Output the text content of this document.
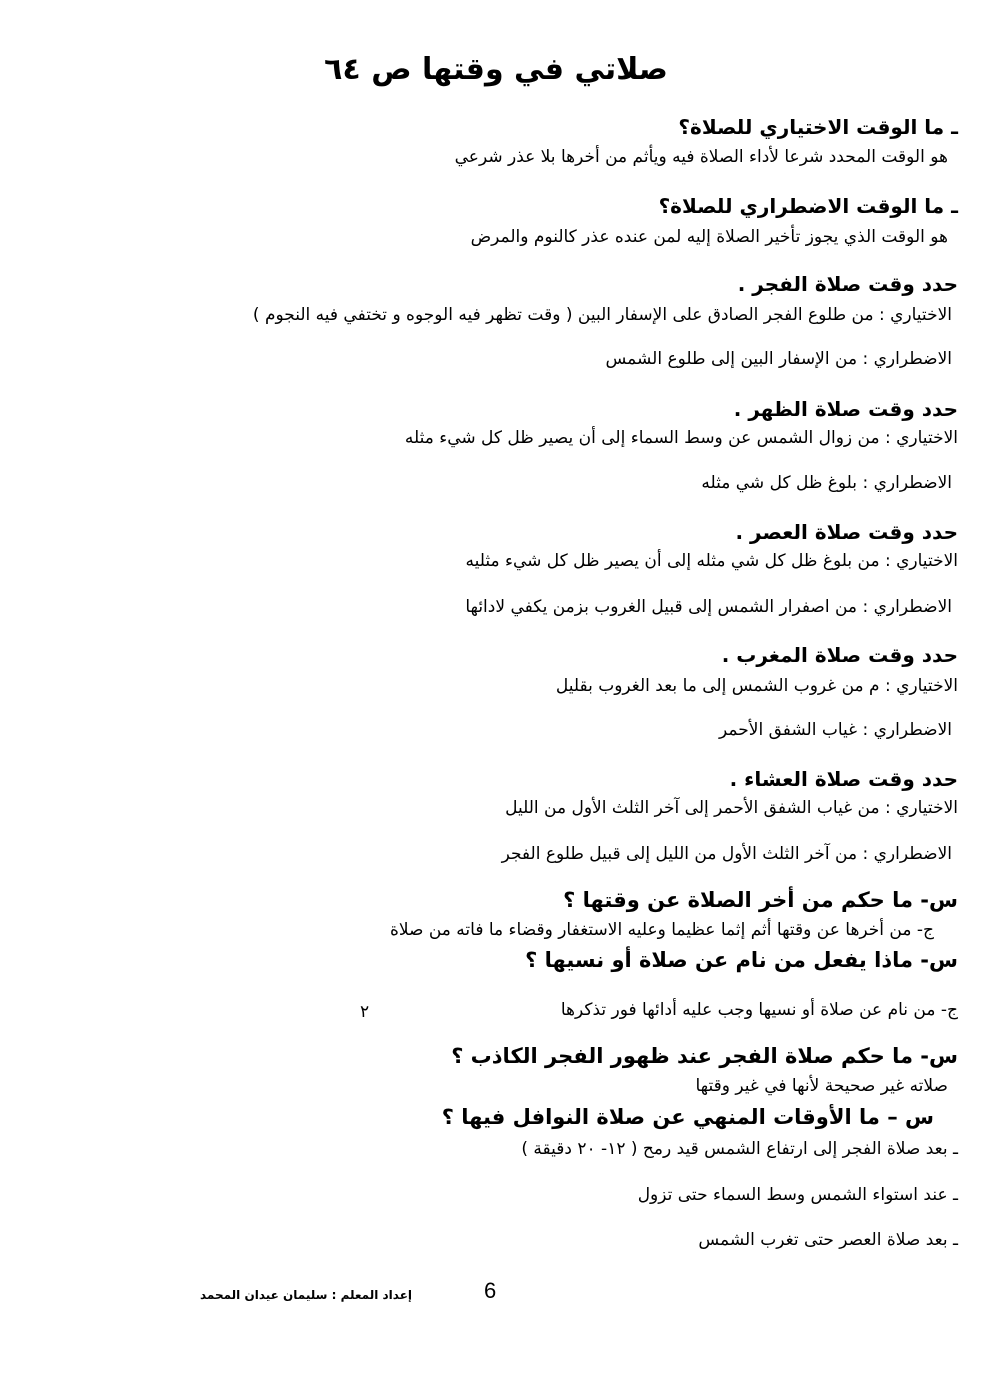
صلاتي في وقتها ص ٦٤
ـ ما الوقت الاختياري للصلاة؟
هو الوقت المحدد شرعا لأداء الصلاة فيه ويأثم من أخرها بلا عذر شرعي
ـ ما الوقت الاضطراري للصلاة؟
هو الوقت الذي يجوز تأخير الصلاة إليه لمن عنده عذر كالنوم والمرض
حدد وقت صلاة الفجر .
الاختياري : من طلوع الفجر الصادق على الإسفار البين ( وقت تظهر فيه الوجوه و تختفي فيه النجوم )
الاضطراري : من الإسفار البين إلى طلوع الشمس
حدد وقت صلاة الظهر .
الاختياري : من زوال الشمس عن وسط السماء إلى أن يصير ظل كل شيء مثله
الاضطراري : بلوغ ظل كل شي مثله
حدد وقت صلاة العصر .
الاختياري : من بلوغ ظل كل شي مثله إلى أن يصير ظل كل شيء مثليه
الاضطراري : من اصفرار الشمس إلى قبيل الغروب بزمن يكفي لادائها
حدد وقت صلاة المغرب .
الاختياري : م من غروب الشمس إلى ما بعد الغروب بقليل
الاضطراري : غياب الشفق الأحمر
حدد وقت صلاة العشاء .
الاختياري : من غياب الشفق الأحمر إلى آخر الثلث الأول من الليل
الاضطراري : من آخر الثلث الأول من الليل إلى قبيل طلوع الفجر
س- ما حكم من أخر الصلاة عن وقتها ؟
ج- من أخرها عن وقتها أثم إثما عظيما وعليه الاستغفار وقضاء ما فاته من صلاة
س- ماذا يفعل من نام عن صلاة أو نسيها ؟
ج- من نام عن صلاة أو نسيها وجب عليه أدائها فور تذكرها
٢
س- ما حكم صلاة الفجر عند ظهور الفجر الكاذب ؟
صلاته غير صحيحة لأنها في غير وقتها
س – ما الأوقات المنهي عن صلاة النوافل فيها ؟
ـ بعد صلاة الفجر إلى ارتفاع الشمس قيد رمح ( ١٢- ٢٠ دقيقة )
ـ عند استواء الشمس وسط السماء حتى تزول
ـ بعد صلاة العصر حتى تغرب الشمس
6
إعداد المعلم : سليمان عيدان المحمد
